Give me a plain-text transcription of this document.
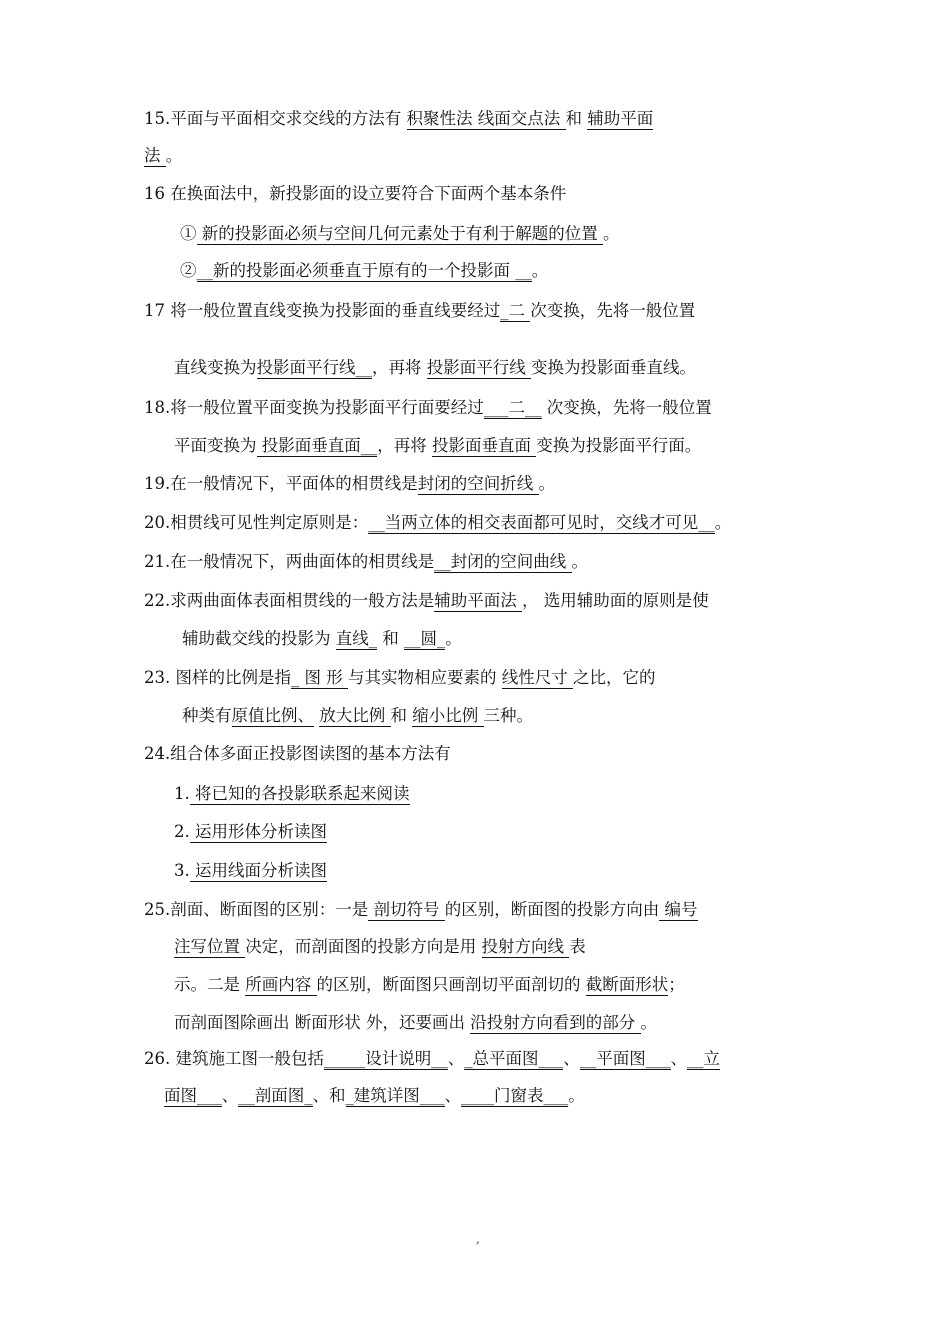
15.平面与平面相交求交线的方法有 积聚性法 线面交点法 和 辅助平面
法 。
16 在换面法中，新投影面的设立要符合下面两个基本条件
① 新的投影面必须与空间几何元素处于有利于解题的位置 。
②__新的投影面必须垂直于原有的一个投影面 __。
17 将一般位置直线变换为投影面的垂直线要经过_二 次变换，先将一般位置
直线变换为投影面平行线__，再将 投影面平行线 变换为投影面垂直线。
18.将一般位置平面变换为投影面平行面要经过___二__ 次变换，先将一般位置
平面变换为 投影面垂直面__，再将 投影面垂直面 变换为投影面平行面。
19.在一般情况下，平面体的相贯线是封闭的空间折线 。
20.相贯线可见性判定原则是：__当两立体的相交表面都可见时，交线才可见__。
21.在一般情况下，两曲面体的相贯线是__封闭的空间曲线 。
22.求两曲面体表面相贯线的一般方法是辅助平面法 ， 选用辅助面的原则是使
辅助截交线的投影为 直线_ 和 __圆_。
23. 图样的比例是指_ 图 形 与其实物相应要素的 线性尺寸 之比，它的
种类有原值比例、 放大比例 和 缩小比例 三种。
24.组合体多面正投影图读图的基本方法有
1. 将已知的各投影联系起来阅读
2. 运用形体分析读图
3. 运用线面分析读图
25.剖面、断面图的区别：一是 剖切符号 的区别，断面图的投影方向由 编号
注写位置 决定，而剖面图的投影方向是用 投射方向线 表
示。二是 所画内容 的区别，断面图只画剖切平面剖切的 截断面形状；
而剖面图除画出 断面形状 外，还要画出 沿投射方向看到的部分 。
26. 建筑施工图一般包括_____设计说明__、_总平面图___、__平面图___、__立
面图___、__剖面图_、和_建筑详图___、____门窗表___。
,
